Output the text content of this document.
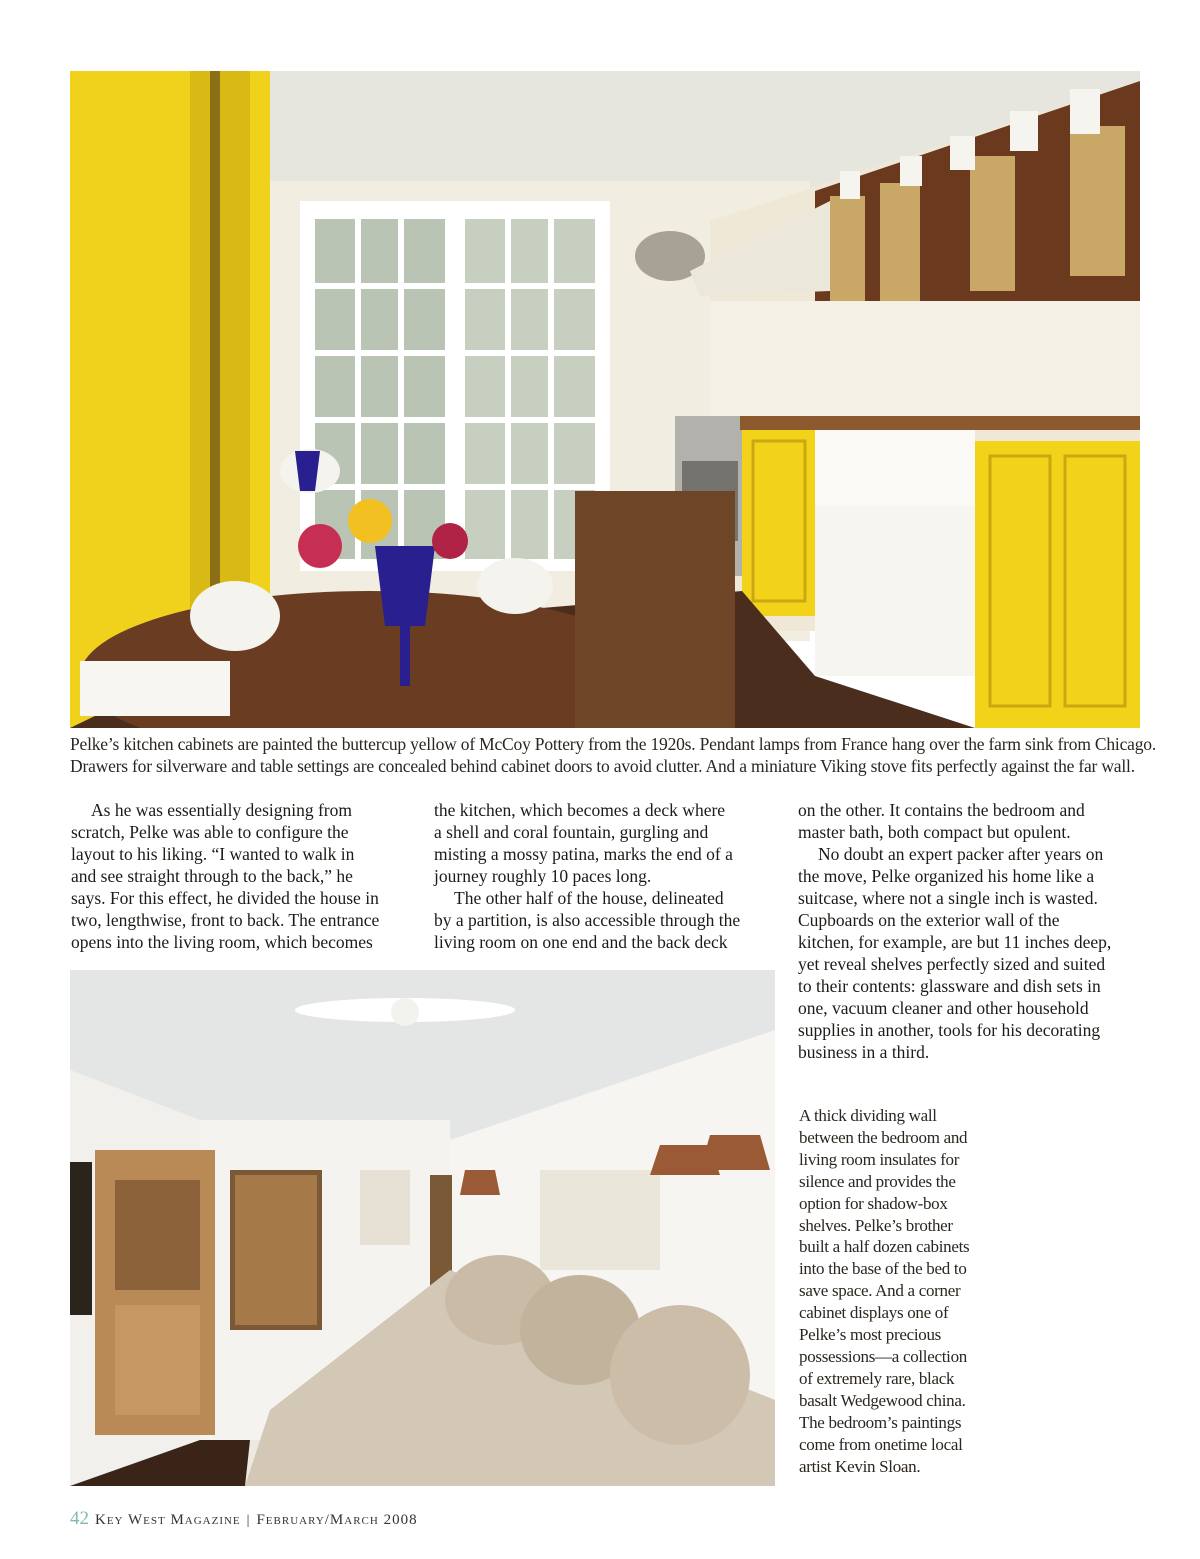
Pelke’s kitchen cabinets are painted the buttercup yellow of McCoy Pottery from the 1920s. Pendant lamps from France hang over the farm sink from Chicago.
Drawers for silverware and table settings are concealed behind cabinet doors to avoid clutter. And a miniature Viking stove fits perfectly against the far wall.
As he was essentially designing from
scratch, Pelke was able to configure the
layout to his liking. “I wanted to walk in
and see straight through to the back,” he
says. For this effect, he divided the house in
two, lengthwise, front to back. The entrance
opens into the living room, which becomes
the kitchen, which becomes a deck where
a shell and coral fountain, gurgling and
misting a mossy patina, marks the end of a
journey roughly 10 paces long.
The other half of the house, delineated
by a partition, is also accessible through the
living room on one end and the back deck
on the other. It contains the bedroom and
master bath, both compact but opulent.
No doubt an expert packer after years on
the move, Pelke organized his home like a
suitcase, where not a single inch is wasted.
Cupboards on the exterior wall of the
kitchen, for example, are but 11 inches deep,
yet reveal shelves perfectly sized and suited
to their contents: glassware and dish sets in
one, vacuum cleaner and other household
supplies in another, tools for his decorating
business in a third.
A thick dividing wall
between the bedroom and
living room insulates for
silence and provides the
option for shadow-box
shelves. Pelke’s brother
built a half dozen cabinets
into the base of the bed to
save space. And a corner
cabinet displays one of
Pelke’s most precious
possessions—a collection
of extremely rare, black
basalt Wedgewood china.
The bedroom’s paintings
come from onetime local
artist Kevin Sloan.
42 Key West Magazine | February/March 2008
